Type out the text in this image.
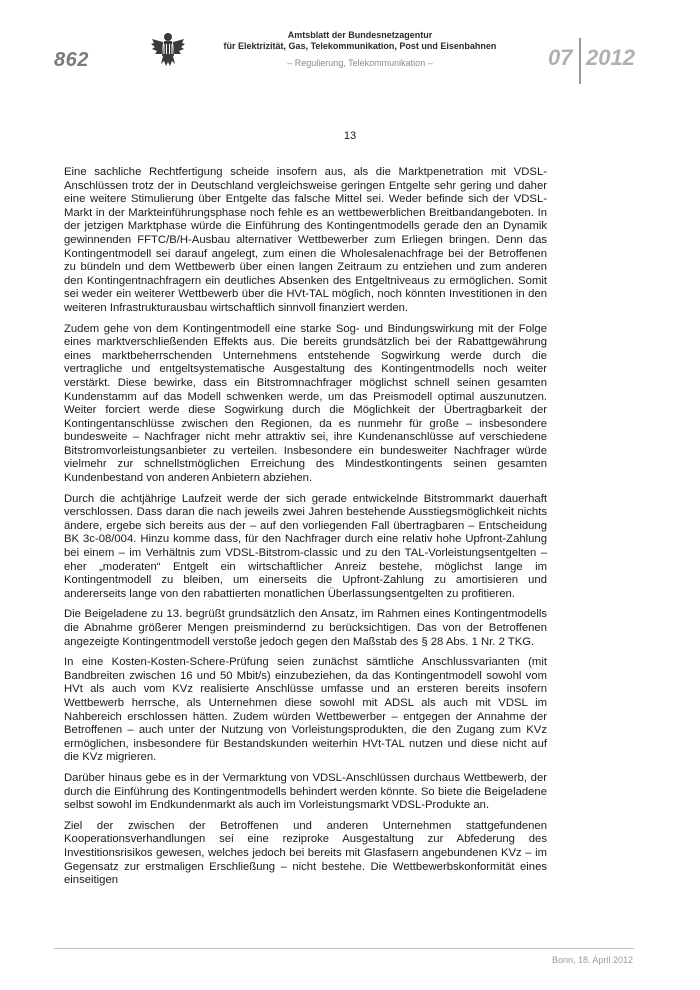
862
Amtsblatt der Bundesnetzagentur
für Elektrizität, Gas, Telekommunikation, Post und Eisenbahnen
– Regulierung, Telekommunikation –	07 2012
13

Eine sachliche Rechtfertigung scheide insofern aus, als die Marktpenetration mit VDSL-Anschlüssen trotz der in Deutschland vergleichsweise geringen Entgelte sehr gering und daher eine weitere Stimulierung über Entgelte das falsche Mittel sei. Weder befinde sich der VDSL-Markt in der Markteinführungsphase noch fehle es an wettbewerblichen Breitbandangeboten. In der jetzigen Marktphase würde die Einführung des Kontingentmodells gerade den an Dynamik gewinnenden FFTC/B/H-Ausbau alternativer Wettbewerber zum Erliegen bringen. Denn das Kontingentmodell sei darauf angelegt, zum einen die Wholesalenachfrage bei der Betroffenen zu bündeln und dem Wettbewerb über einen langen Zeitraum zu entziehen und zum anderen den Kontingentnachfragern ein deutliches Absenken des Entgeltniveaus zu ermöglichen. Somit sei weder ein weiterer Wettbewerb über die HVt-TAL möglich, noch könnten Investitionen in den weiteren Infrastrukturausbau wirtschaftlich sinnvoll finanziert werden.

Zudem gehe von dem Kontingentmodell eine starke Sog- und Bindungswirkung mit der Folge eines marktverschließenden Effekts aus. Die bereits grundsätzlich bei der Rabattgewährung eines marktbeherrschenden Unternehmens entstehende Sogwirkung werde durch die vertragliche und entgeltsystematische Ausgestaltung des Kontingentmodells noch weiter verstärkt. Diese bewirke, dass ein Bitstromnachfrager möglichst schnell seinen gesamten Kundenstamm auf das Modell schwenken werde, um das Preismodell optimal auszunutzen. Weiter forciert werde diese Sogwirkung durch die Möglichkeit der Übertragbarkeit der Kontingentanschlüsse zwischen den Regionen, da es nunmehr für große – insbesondere bundesweite – Nachfrager nicht mehr attraktiv sei, ihre Kundenanschlüsse auf verschiedene Bitstromvorleistungsanbieter zu verteilen. Insbesondere ein bundesweiter Nachfrager würde vielmehr zur schnellstmöglichen Erreichung des Mindestkontingents seinen gesamten Kundenbestand von anderen Anbietern abziehen.

Durch die achtjährige Laufzeit werde der sich gerade entwickelnde Bitstrommarkt dauerhaft verschlossen. Dass daran die nach jeweils zwei Jahren bestehende Ausstiegsmöglichkeit nichts ändere, ergebe sich bereits aus der – auf den vorliegenden Fall übertragbaren – Entscheidung BK 3c-08/004. Hinzu komme dass, für den Nachfrager durch eine relativ hohe Upfront-Zahlung bei einem – im Verhältnis zum VDSL-Bitstrom-classic und zu den TAL-Vorleistungsentgelten – eher „moderaten“ Entgelt ein wirtschaftlicher Anreiz bestehe, möglichst lange im Kontingentmodell zu bleiben, um einerseits die Upfront-Zahlung zu amortisieren und andererseits lange von den rabattierten monatlichen Überlassungsentgelten zu profitieren.

Die Beigeladene zu 13. begrüßt grundsätzlich den Ansatz, im Rahmen eines Kontingentmodells die Abnahme größerer Mengen preismindernd zu berücksichtigen. Das von der Betroffenen angezeigte Kontingentmodell verstoße jedoch gegen den Maßstab des § 28 Abs. 1 Nr. 2 TKG.

In eine Kosten-Kosten-Schere-Prüfung seien zunächst sämtliche Anschlussvarianten (mit Bandbreiten zwischen 16 und 50 Mbit/s) einzubeziehen, da das Kontingentmodell sowohl vom HVt als auch vom KVz realisierte Anschlüsse umfasse und an ersteren bereits insofern Wettbewerb herrsche, als Unternehmen diese sowohl mit ADSL als auch mit VDSL im Nahbereich erschlossen hätten. Zudem würden Wettbewerber – entgegen der Annahme der Betroffenen – auch unter der Nutzung von Vorleistungsprodukten, die den Zugang zum KVz ermöglichen, insbesondere für Bestandskunden weiterhin HVt-TAL nutzen und diese nicht auf die KVz migrieren.

Darüber hinaus gebe es in der Vermarktung von VDSL-Anschlüssen durchaus Wettbewerb, der durch die Einführung des Kontingentmodells behindert werden könnte. So biete die Beigeladene selbst sowohl im Endkundenmarkt als auch im Vorleistungsmarkt VDSL-Produkte an.

Ziel der zwischen der Betroffenen und anderen Unternehmen stattgefundenen Kooperationsverhandlungen sei eine reziproke Ausgestaltung zur Abfederung des Investitionsrisikos gewesen, welches jedoch bei bereits mit Glasfasern angebundenen KVz – im Gegensatz zur erstmaligen Erschließung – nicht bestehe. Die Wettbewerbskonformität eines einseitigen

Bonn, 18. April 2012
